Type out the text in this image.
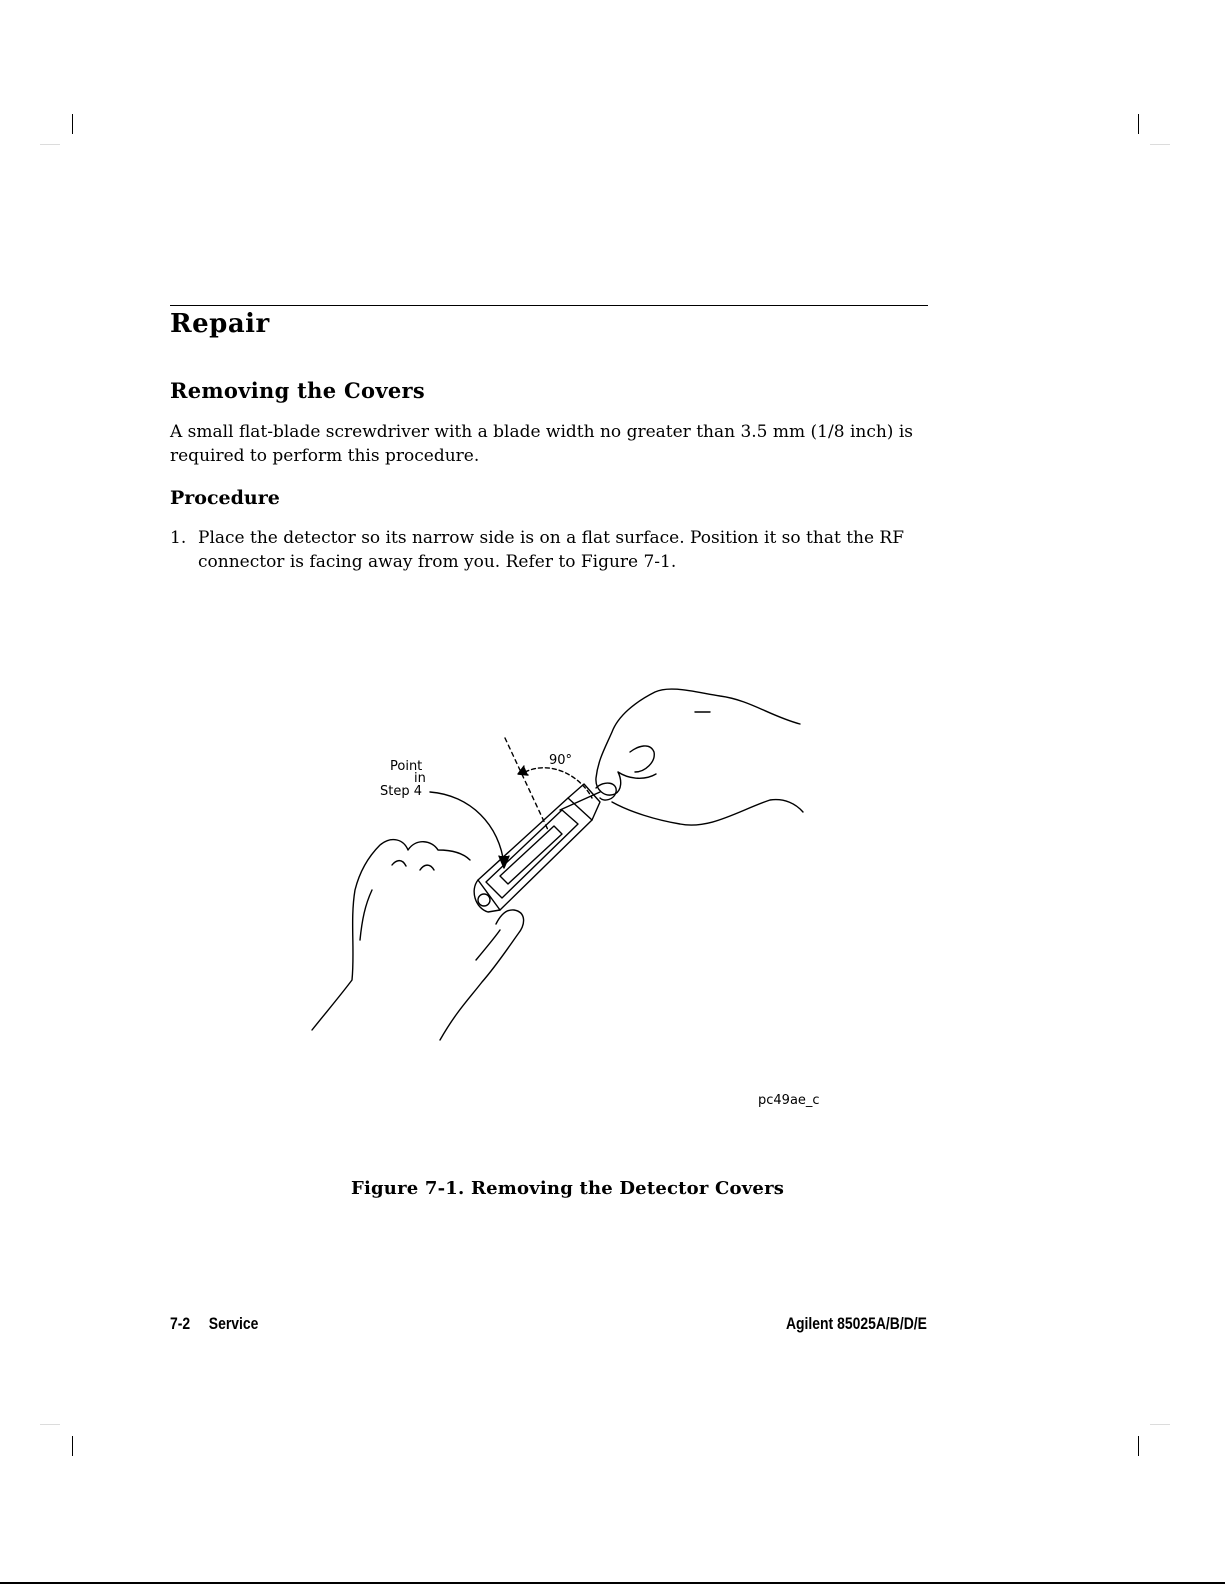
Repair
Removing the Covers

A small flat-blade screwdriver with a blade width no greater than 3.5 mm (1/8 inch) is required to perform this procedure.

Procedure
1. Place the detector so its narrow side is on a flat surface. Position it so that the RF connector is facing away from you. Refer to Figure 7-1.
Point
in
Step 4
90°
pc49ae_c
Figure 7-1. Removing the Detector Covers
7-2 Service	Agilent 85025A/B/D/E
